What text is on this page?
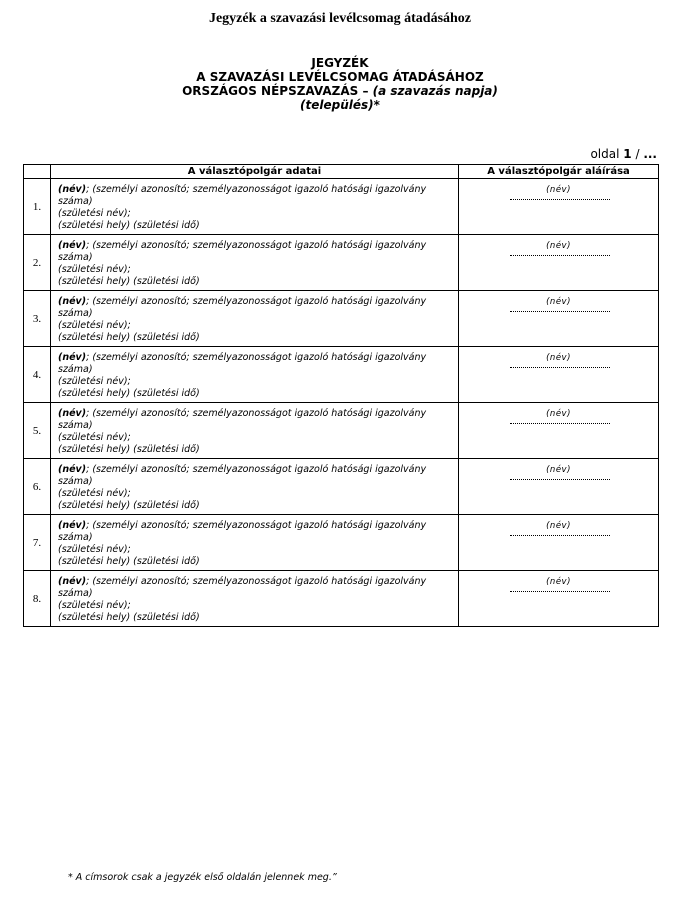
Jegyzék a szavazási levélcsomag átadásához
JEGYZÉK
A SZAVAZÁSI LEVÉLCSOMAG ÁTADÁSÁHOZ
ORSZÁGOS NÉPSZAVAZÁS – (a szavazás napja)
(település)*
oldal 1 / ...
	A választópolgár adatai	A választópolgár aláírása
1.	(név); (személyi azonosító; személyazonosságot igazoló hatósági igazolvány száma)
(születési név);
(születési hely) (születési idő)	(név)

2.	(név); (személyi azonosító; személyazonosságot igazoló hatósági igazolvány száma)
(születési név);
(születési hely) (születési idő)	(név)

3.	(név); (személyi azonosító; személyazonosságot igazoló hatósági igazolvány száma)
(születési név);
(születési hely) (születési idő)	(név)

4.	(név); (személyi azonosító; személyazonosságot igazoló hatósági igazolvány száma)
(születési név);
(születési hely) (születési idő)	(név)

5.	(név); (személyi azonosító; személyazonosságot igazoló hatósági igazolvány száma)
(születési név);
(születési hely) (születési idő)	(név)

6.	(név); (személyi azonosító; személyazonosságot igazoló hatósági igazolvány száma)
(születési név);
(születési hely) (születési idő)	(név)

7.	(név); (személyi azonosító; személyazonosságot igazoló hatósági igazolvány száma)
(születési név);
(születési hely) (születési idő)	(név)

8.	(név); (személyi azonosító; személyazonosságot igazoló hatósági igazolvány száma)
(születési név);
(születési hely) (születési idő)	(név)
* A címsorok csak a jegyzék első oldalán jelennek meg.”
